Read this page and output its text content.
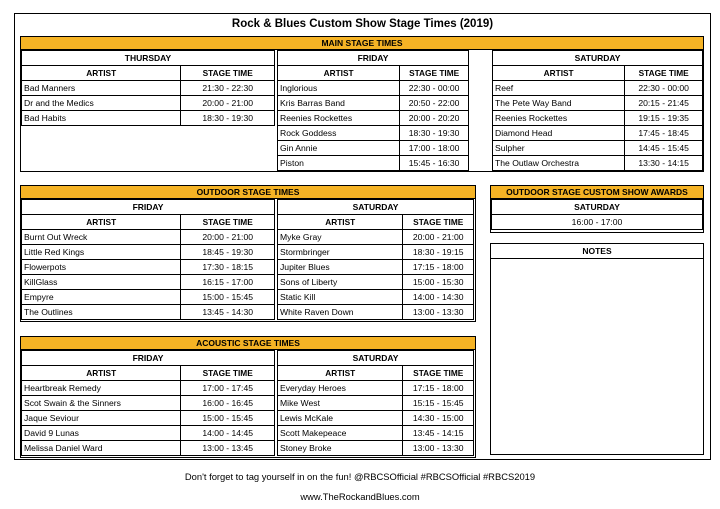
Rock & Blues Custom Show Stage Times (2019)
MAIN STAGE TIMES
THURSDAY	
ARTIST	STAGE TIME
Bad Manners	21:30 - 22:30
Dr and the Medics	20:00 - 21:00
Bad Habits	18:30 - 19:30
FRIDAY	
ARTIST	STAGE TIME
Inglorious	22:30 - 00:00
Kris Barras Band	20:50 - 22:00
Reenies Rockettes	20:00 - 20:20
Rock Goddess	18:30 - 19:30
Gin Annie	17:00 - 18:00
Piston	15:45 - 16:30
SATURDAY	
ARTIST	STAGE TIME
Reef	22:30 - 00:00
The Pete Way Band	20:15 - 21:45
Reenies Rockettes	19:15 - 19:35
Diamond Head	17:45 - 18:45
Sulpher	14:45 - 15:45
The Outlaw Orchestra	13:30 - 14:15
OUTDOOR STAGE TIMES
FRIDAY	
ARTIST	STAGE TIME
Burnt Out Wreck	20:00 - 21:00
Little Red Kings	18:45 - 19:30
Flowerpots	17:30 - 18:15
KillGlass	16:15 - 17:00
Empyre	15:00 - 15:45
The Outlines	13:45 - 14:30
SATURDAY	
ARTIST	STAGE TIME
Myke Gray	20:00 - 21:00
Stormbringer	18:30 - 19:15
Jupiter Blues	17:15 - 18:00
Sons of Liberty	15:00 - 15:30
Static Kill	14:00 - 14:30
White Raven Down	13:00 - 13:30
OUTDOOR STAGE CUSTOM SHOW AWARDS
SATURDAY
16:00 - 17:00
NOTES
ACOUSTIC STAGE TIMES
FRIDAY	
ARTIST	STAGE TIME
Heartbreak Remedy	17:00 - 17:45
Scot Swain & the Sinners	16:00 - 16:45
Jaque Seviour	15:00 - 15:45
David 9 Lunas	14:00 - 14:45
Melissa Daniel Ward	13:00 - 13:45
SATURDAY	
ARTIST	STAGE TIME
Everyday Heroes	17:15 - 18:00
Mike West	15:15 - 15:45
Lewis McKale	14:30 - 15:00
Scott Makepeace	13:45 - 14:15
Stoney Broke	13:00 - 13:30
Don't forget to tag yourself in on the fun! @RBCSOfficial #RBCSOfficial #RBCS2019
www.TheRockandBlues.com
